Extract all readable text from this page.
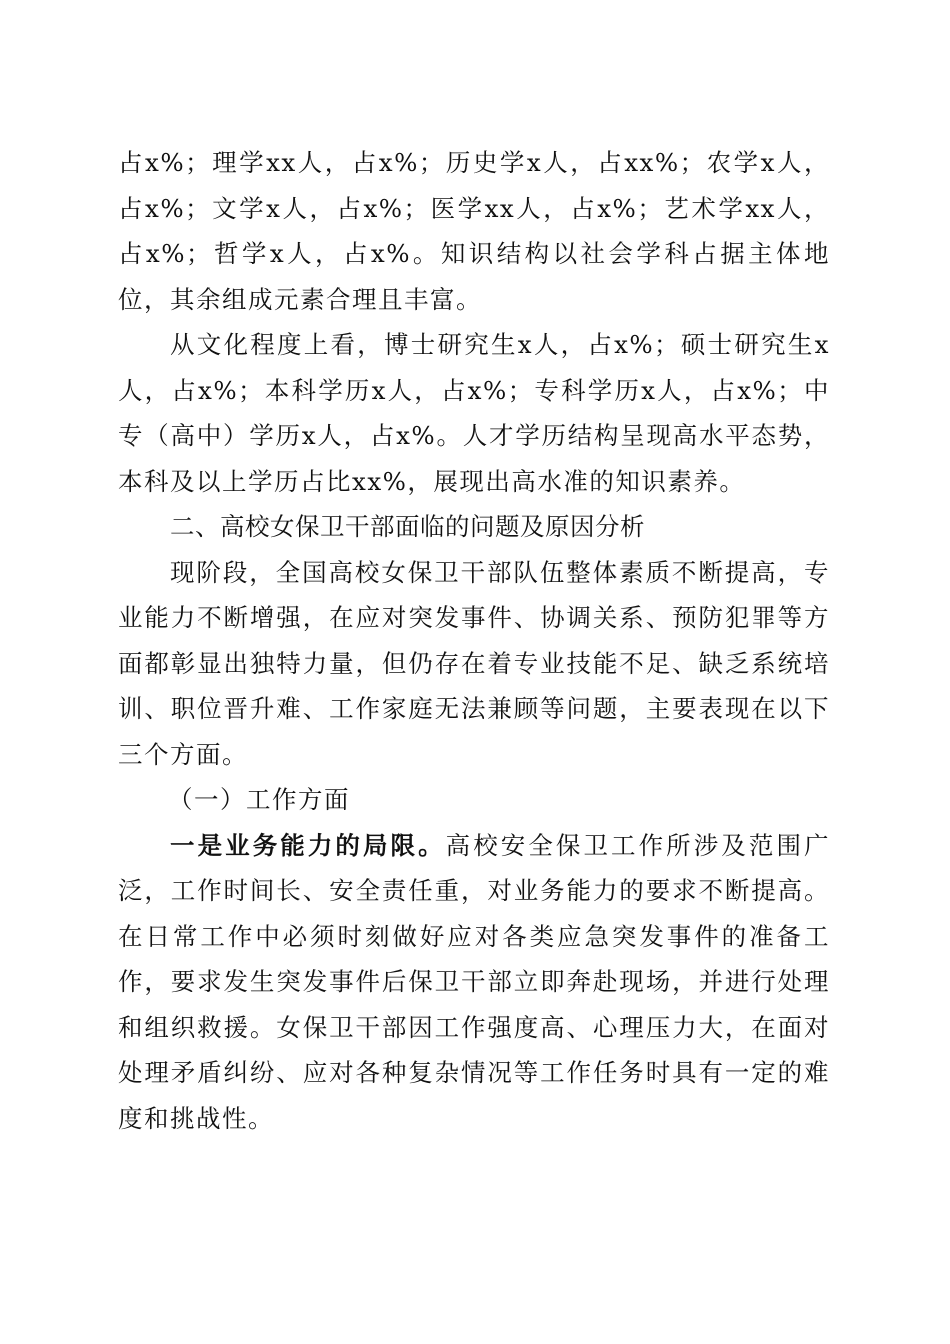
占x%；理学xx人，占x%；历史学x人，占xx%；农学x人，占x%；文学x人，占x%；医学xx人，占x%；艺术学xx人，占x%；哲学x人，占x%。知识结构以社会学科占据主体地位，其余组成元素合理且丰富。

从文化程度上看，博士研究生x人，占x%；硕士研究生x人，占x%；本科学历x人，占x%；专科学历x人，占x%；中专（高中）学历x人，占x%。人才学历结构呈现高水平态势，本科及以上学历占比xx%，展现出高水准的知识素养。

二、高校女保卫干部面临的问题及原因分析

现阶段，全国高校女保卫干部队伍整体素质不断提高，专业能力不断增强，在应对突发事件、协调关系、预防犯罪等方面都彰显出独特力量，但仍存在着专业技能不足、缺乏系统培训、职位晋升难、工作家庭无法兼顾等问题，主要表现在以下三个方面。

（一）工作方面

一是业务能力的局限。高校安全保卫工作所涉及范围广泛，工作时间长、安全责任重，对业务能力的要求不断提高。在日常工作中必须时刻做好应对各类应急突发事件的准备工作，要求发生突发事件后保卫干部立即奔赴现场，并进行处理和组织救援。女保卫干部因工作强度高、心理压力大，在面对处理矛盾纠纷、应对各种复杂情况等工作任务时具有一定的难度和挑战性。
